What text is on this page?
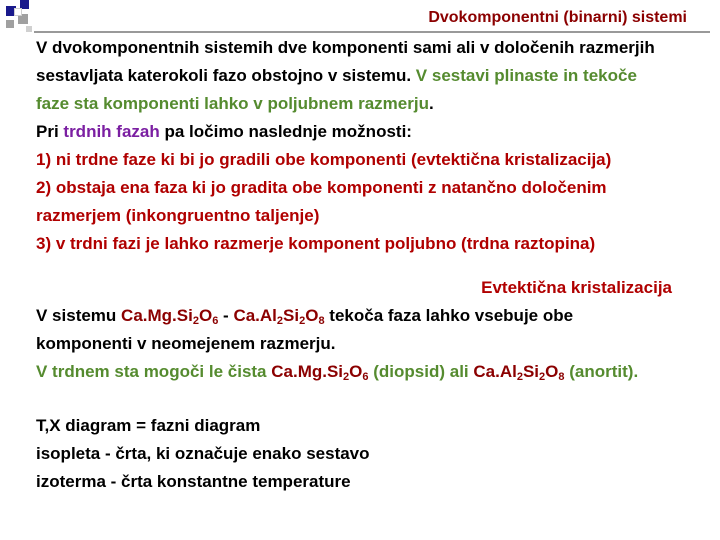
Dvokomponentni (binarni) sistemi
V dvokomponentnih sistemih dve komponenti sami ali v določenih razmerjih
sestavljata katerokoli fazo obstojno v sistemu. V sestavi plinaste in tekoče
faze sta komponenti lahko v poljubnem razmerju.
Pri trdnih fazah pa ločimo naslednje možnosti:
1) ni trdne faze ki bi jo gradili obe komponenti (evtektična kristalizacija)
2) obstaja ena faza ki jo gradita obe komponenti z natančno določenim
razmerjem (inkongruentno taljenje)
3) v trdni fazi je lahko razmerje komponent poljubno (trdna raztopina)
Evtektična kristalizacija
V sistemu $Ca.Mg.Si_2O_6 - Ca.Al_2Si_2O_8$ tekoča faza lahko vsebuje obe
komponenti v neomejenem razmerju.
V trdnem sta mogoči le čista $Ca.Mg.Si_2O_6$ (diopsid) ali $Ca.Al_2Si_2O_8$ (anortit).
T,X diagram = fazni diagram
isopleta - črta, ki označuje enako sestavo
izoterma - črta konstantne temperature
